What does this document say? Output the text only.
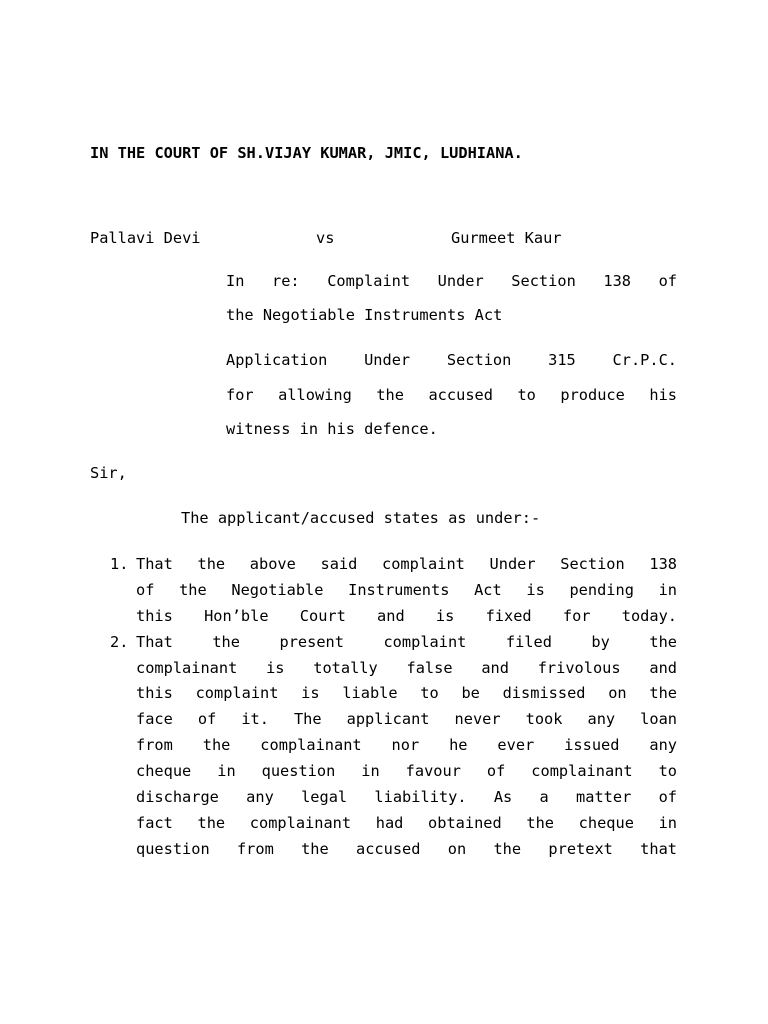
IN THE COURT OF SH.VIJAY KUMAR, JMIC, LUDHIANA.
Pallavi Devi	vs	Gurmeet Kaur
In re: Complaint Under Section 138 of
the Negotiable Instruments Act
Application Under Section 315 Cr.P.C.
for allowing the accused to produce his
witness in his defence.
Sir,
The applicant/accused states as under:-
1. That the above said complaint Under Section 138
of the Negotiable Instruments Act is pending in
this Hon’ble Court and is fixed for today.
2. That the present complaint filed by the
complainant is totally false and frivolous and
this complaint is liable to be dismissed on the
face of it. The applicant never took any loan
from the complainant nor he ever issued any
cheque in question in favour of complainant to
discharge any legal liability. As a matter of
fact the complainant had obtained the cheque in
question from the accused on the pretext that
